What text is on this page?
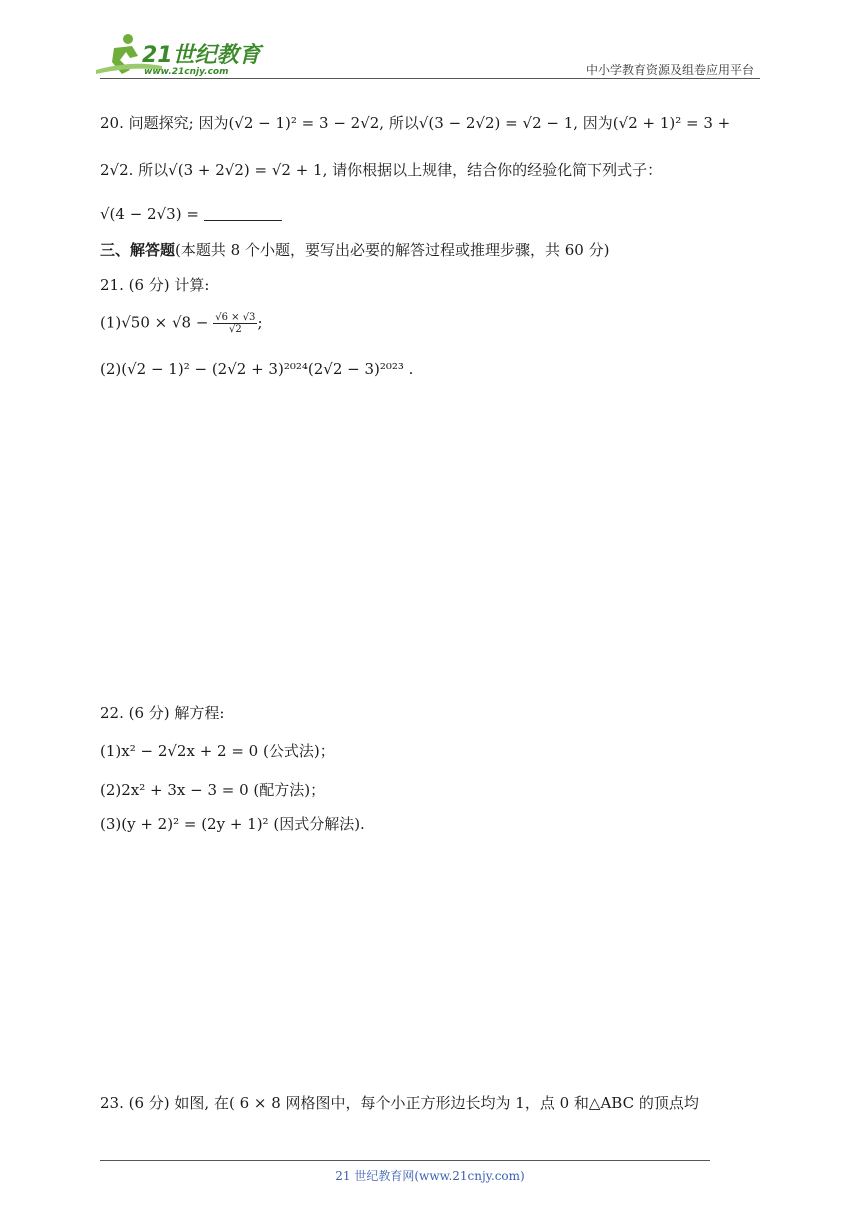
21世纪教育
www.21cnjy.com	中小学教育资源及组卷应用平台
20. 问题探究; 因为(√2 − 1)² = 3 − 2√2, 所以√(3 − 2√2) = √2 − 1, 因为(√2 + 1)² = 3 +
2√2. 所以√(3 + 2√2) = √2 + 1, 请你根据以上规律，结合你的经验化简下列式子：
√(4 − 2√3) =
三、解答题(本题共 8 个小题，要写出必要的解答过程或推理步骤，共 60 分)
21. (6 分) 计算:
$(1)√50 \times √8 - \frac{√6 \times √3}{√2}$ ;
(2)(√2 − 1)² − (2√2 + 3)²⁰²⁴(2√2 − 3)²⁰²³ .
22. (6 分) 解方程:
(1)x² − 2√2x + 2 = 0 (公式法)；
(2)2x² + 3x − 3 = 0 (配方法)；
(3)(y + 2)² = (2y + 1)² (因式分解法).
23. (6 分) 如图, 在( 6 × 8 网格图中，每个小正方形边长均为 1，点 0 和△ABC 的顶点均
21 世纪教育网(www.21cnjy.com)
